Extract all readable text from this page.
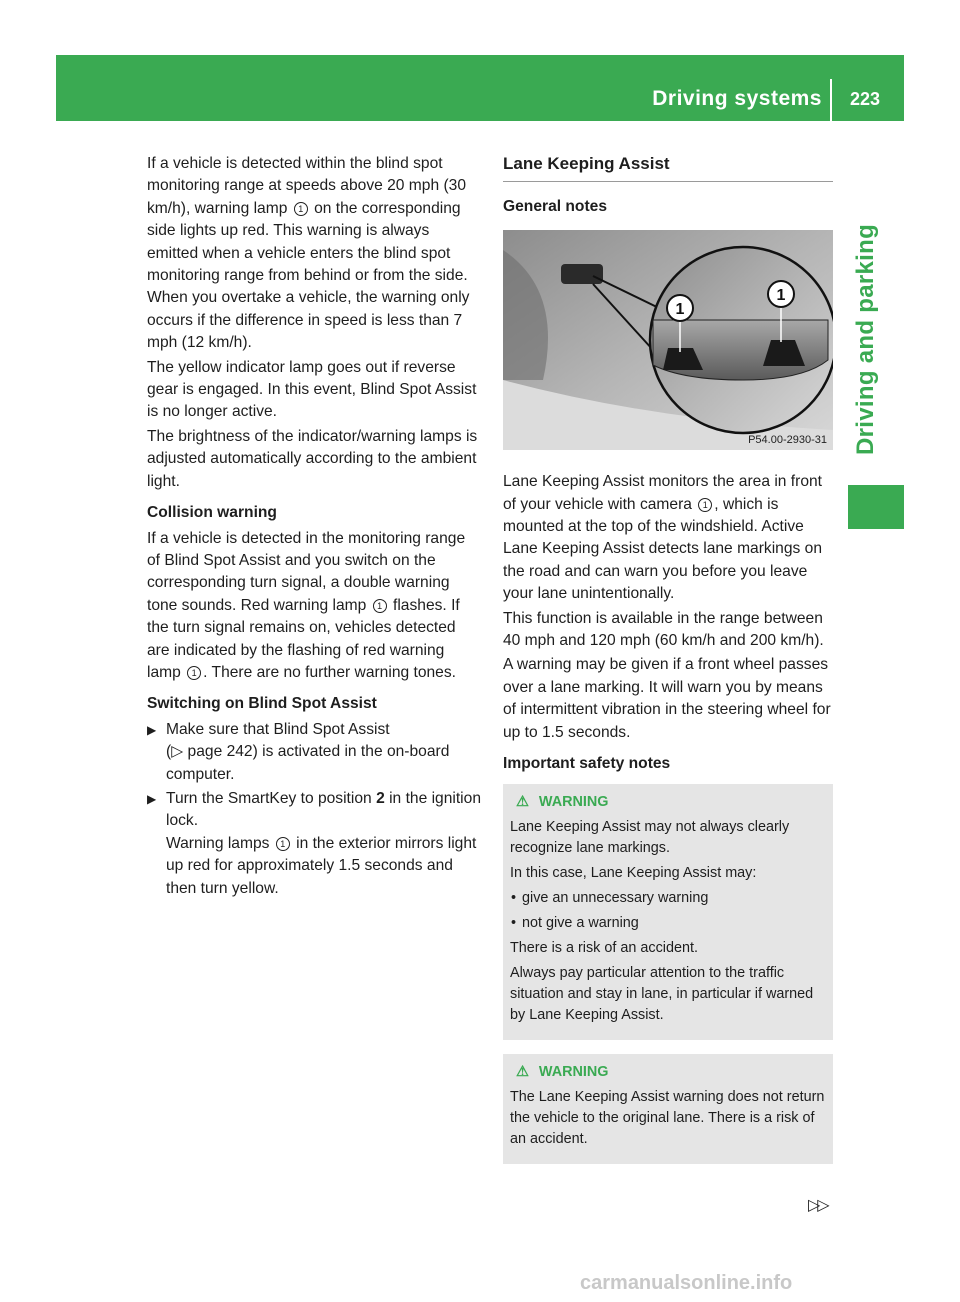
Driving systems 223
Driving and parking

If a vehicle is detected within the blind spot monitoring range at speeds above 20 mph (30 km/h), warning lamp 1 on the corresponding side lights up red. This warning is always emitted when a vehicle enters the blind spot monitoring range from behind or from the side. When you overtake a vehicle, the warning only occurs if the difference in speed is less than 7 mph (12 km/h).

The yellow indicator lamp goes out if reverse gear is engaged. In this event, Blind Spot Assist is no longer active.

The brightness of the indicator/warning lamps is adjusted automatically according to the ambient light.

Collision warning

If a vehicle is detected in the monitoring range of Blind Spot Assist and you switch on the corresponding turn signal, a double warning tone sounds. Red warning lamp 1 flashes. If the turn signal remains on, vehicles detected are indicated by the flashing of red warning lamp 1 . There are no further warning tones.

Switching on Blind Spot Assist
▶ Make sure that Blind Spot Assist
(▷ page 242) is activated in the on-board computer.
▶ Turn the SmartKey to position 2 in the ignition lock.
Warning lamps 1 in the exterior mirrors light up red for approximately 1.5 seconds and then turn yellow.
Lane Keeping Assist
General notes
1
1
P54.00-2930-31

Lane Keeping Assist monitors the area in front of your vehicle with camera 1 , which is mounted at the top of the windshield. Active Lane Keeping Assist detects lane markings on the road and can warn you before you leave your lane unintentionally.

This function is available in the range between 40 mph and 120 mph (60 km/h and 200 km/h).

A warning may be given if a front wheel passes over a lane marking. It will warn you by means of intermittent vibration in the steering wheel for up to 1.5 seconds.

Important safety notes
⚠ WARNING

Lane Keeping Assist may not always clearly recognize lane markings.

In this case, Lane Keeping Assist may:

• give an unnecessary warning
• not give a warning

There is a risk of an accident.

Always pay particular attention to the traffic situation and stay in lane, in particular if warned by Lane Keeping Assist.

⚠ WARNING

The Lane Keeping Assist warning does not return the vehicle to the original lane. There is a risk of an accident.

▷▷
carmanualsonline.info
